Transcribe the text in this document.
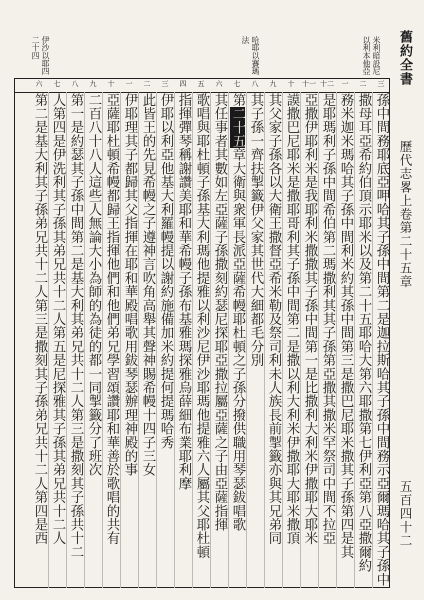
舊約全書
歷代志畧上卷第二十五章
五百四十二
米利暗設尼以利本他亞
哈耶以賽瑪法
伊沙以耶四二十四
三
二
一
十二
十一
十
九
八
七
六
五
四
三
二
一
十
九
八
七
六
孫中間務耶底亞呷哈其子孫中間第二是迦拉斯哈其子孫中間務示亞爾瑪哈其子孫中
撒母耳亞希約伯頂示耶米以及第二十五耶哈大第六耶撒第七伊利亞第八亞撒爾約
務米迦米瑪哈其子孫中間利米約其孫中間第三是撒巴尼耶米撒其子孫第四是其
是耶瑪利子孫中間希伯第二瑪撒利其其子孫第亞撒其撒米罕祭司中間不拉亞
亞撒伊耶利米是我耶利米撒撒其子孫中間第一是比撒利大利米伊撒耶大耶米
謨撒巴尼耶米是撒耶哥利其子孫中間第二是撒以利大利米伊撒耶大耶米撒頂
其父家子孫各以大衛王撒督亞希米勒及祭司利未人族長前掣籤亦與其兄弟同
其子孫一齊扶掣籤伊父家其世代大細都毛分別
第二十五章大衛與衆軍長派亞薩希幔耶杜頓之子孫分撥供職用琴瑟鈸唱歌
其任事者其數如左亞薩子孫撒刻約瑟尼探耶亞撒拉屬亞薩之子由亞薩指揮
歌唱與耶杜頓子孫基大利瑪他提雅以利沙尼伊沙耶瑪他提雅六人屬其父耶杜頓
指揮彈琴稱謝讚美耶和華希幔子孫布基雅瑪探雅烏薛細布業耶利摩
伊耶以利亞他基大利羅幔提以謝約施備加米約提何提瑪哈秀
此皆王的先見希幔之子遵神言吹角高舉其聲神賜希幔十四子三女
伊耶理其子都歸其父指揮在耶和華殿唱歌用鈸琴瑟辦理神殿的事
亞薩耶杜頓希幔都歸王指揮他們和他們弟兄學習頌讚耶和華善於歌唱的共有
二百八十八人這些人無論大小為師的為徒的都一同掣籤分了班次
第一是約瑟其子孫中間第二是基大利其弟兄共十二人第三是撒刻其子孫共十二
人第四是伊洗利其子孫其弟兄共十二人第五是尼探雅其子孫其弟兄共十二人
第二是基大利其子孫弟兄共十二人第三是撒刻其子孫弟兄共十二人第四是西
